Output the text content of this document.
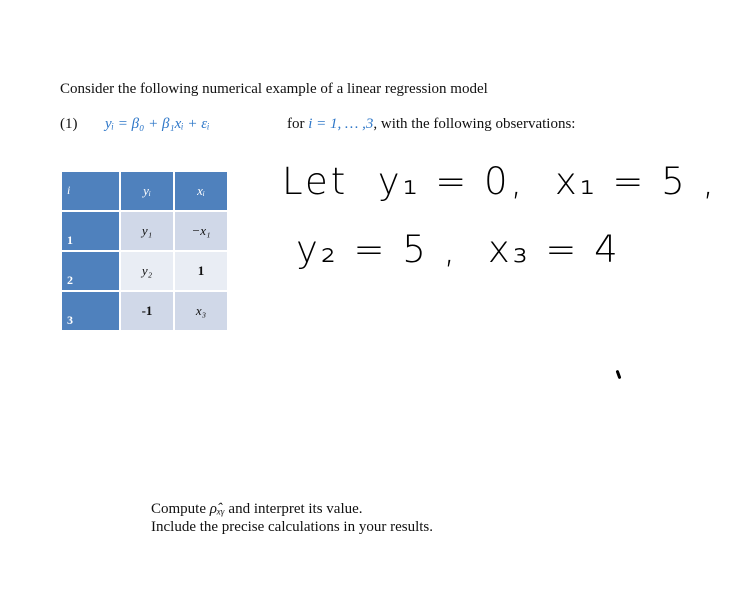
Consider the following numerical example of a linear regression model

(1) yᵢ = β₀ + β₁xᵢ + εᵢ	for i = 1, … ,3, with the following observations:
i	yᵢ	xᵢ
1	y₁	−x₁
2	y₂	1
3	-1	x₃
Let  y₁ = 0,  x₁ = 5 ,
y₂ = 5 ,  x₃ = 4

Compute ρ̂ₓᵧ and interpret its value.

Include the precise calculations in your results.
